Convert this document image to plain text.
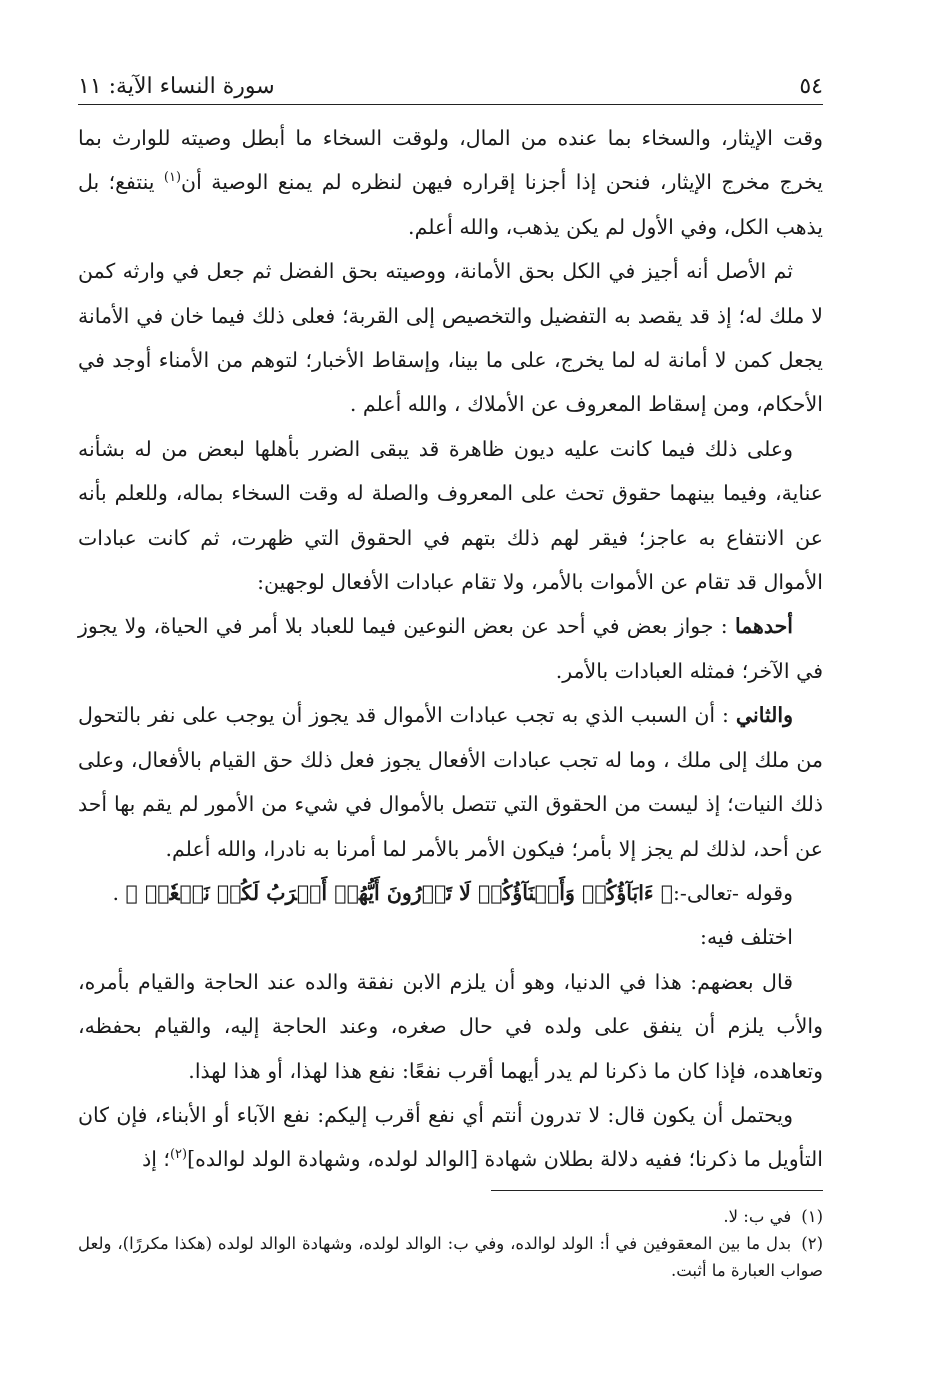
٥٤
سورة النساء الآية: ١١

وقت الإيثار، والسخاء بما عنده من المال، ولوقت السخاء ما أبطل وصيته للوارث بما يخرج مخرج الإيثار، فنحن إذا أجزنا إقراره فيهن لنظره لم يمنع الوصية أن$^{(١)}$ ينتفع؛ بل يذهب الكل، وفي الأول لم يكن يذهب، والله أعلم.

ثم الأصل أنه أجيز في الكل بحق الأمانة، ووصيته بحق الفضل ثم جعل في وارثه كمن لا ملك له؛ إذ قد يقصد به التفضيل والتخصيص إلى القربة؛ فعلى ذلك فيما خان في الأمانة يجعل كمن لا أمانة له لما يخرج، على ما بينا، وإسقاط الأخبار؛ لتوهم من الأمناء أوجد في الأحكام، ومن إسقاط المعروف عن الأملاك ، والله أعلم .

وعلى ذلك فيما كانت عليه ديون ظاهرة قد يبقى الضرر بأهلها لبعض من له بشأنه عناية، وفيما بينهما حقوق تحث على المعروف والصلة له وقت السخاء بماله، وللعلم بأنه عن الانتفاع به عاجز؛ فيقر لهم ذلك بتهم في الحقوق التي ظهرت، ثم كانت عبادات الأموال قد تقام عن الأموات بالأمر، ولا تقام عبادات الأفعال لوجهين:

أحدهما : جواز بعض في أحد عن بعض النوعين فيما للعباد بلا أمر في الحياة، ولا يجوز في الآخر؛ فمثله العبادات بالأمر.

والثاني : أن السبب الذي به تجب عبادات الأموال قد يجوز أن يوجب على نفر بالتحول من ملك إلى ملك ، وما له تجب عبادات الأفعال يجوز فعل ذلك حق القيام بالأفعال، وعلى ذلك النيات؛ إذ ليست من الحقوق التي تتصل بالأموال في شيء من الأمور لم يقم بها أحد عن أحد، لذلك لم يجز إلا بأمر؛ فيكون الأمر بالأمر لما أمرنا به نادرا، والله أعلم.

وقوله -تعالى-:﴿ ءَابَآؤُكُمۡ وَأَبۡنَآؤُكُمۡ لَا تَدۡرُونَ أَيُّهُمۡ أَقۡرَبُ لَكُمۡ نَفۡعٗاۚ ﴾ .

اختلف فيه:

قال بعضهم: هذا في الدنيا، وهو أن يلزم الابن نفقة والده عند الحاجة والقيام بأمره، والأب يلزم أن ينفق على ولده في حال صغره، وعند الحاجة إليه، والقيام بحفظه، وتعاهده، فإذا كان ما ذكرنا لم يدر أيهما أقرب نفعًا: نفع هذا لهذا، أو هذا لهذا.

ويحتمل أن يكون قال: لا تدرون أنتم أي نفع أقرب إليكم: نفع الآباء أو الأبناء، فإن كان التأويل ما ذكرنا؛ ففيه دلالة بطلان شهادة [الوالد لولده، وشهادة الولد لوالده]$^{(٢)}$؛ إذ

(١)في ب: لا.

(٢)بدل ما بين المعقوفين في أ: الولد لوالده، وفي ب: الوالد لولده، وشهادة الوالد لولده (هكذا مكررًا)، ولعل صواب العبارة ما أثبت.
